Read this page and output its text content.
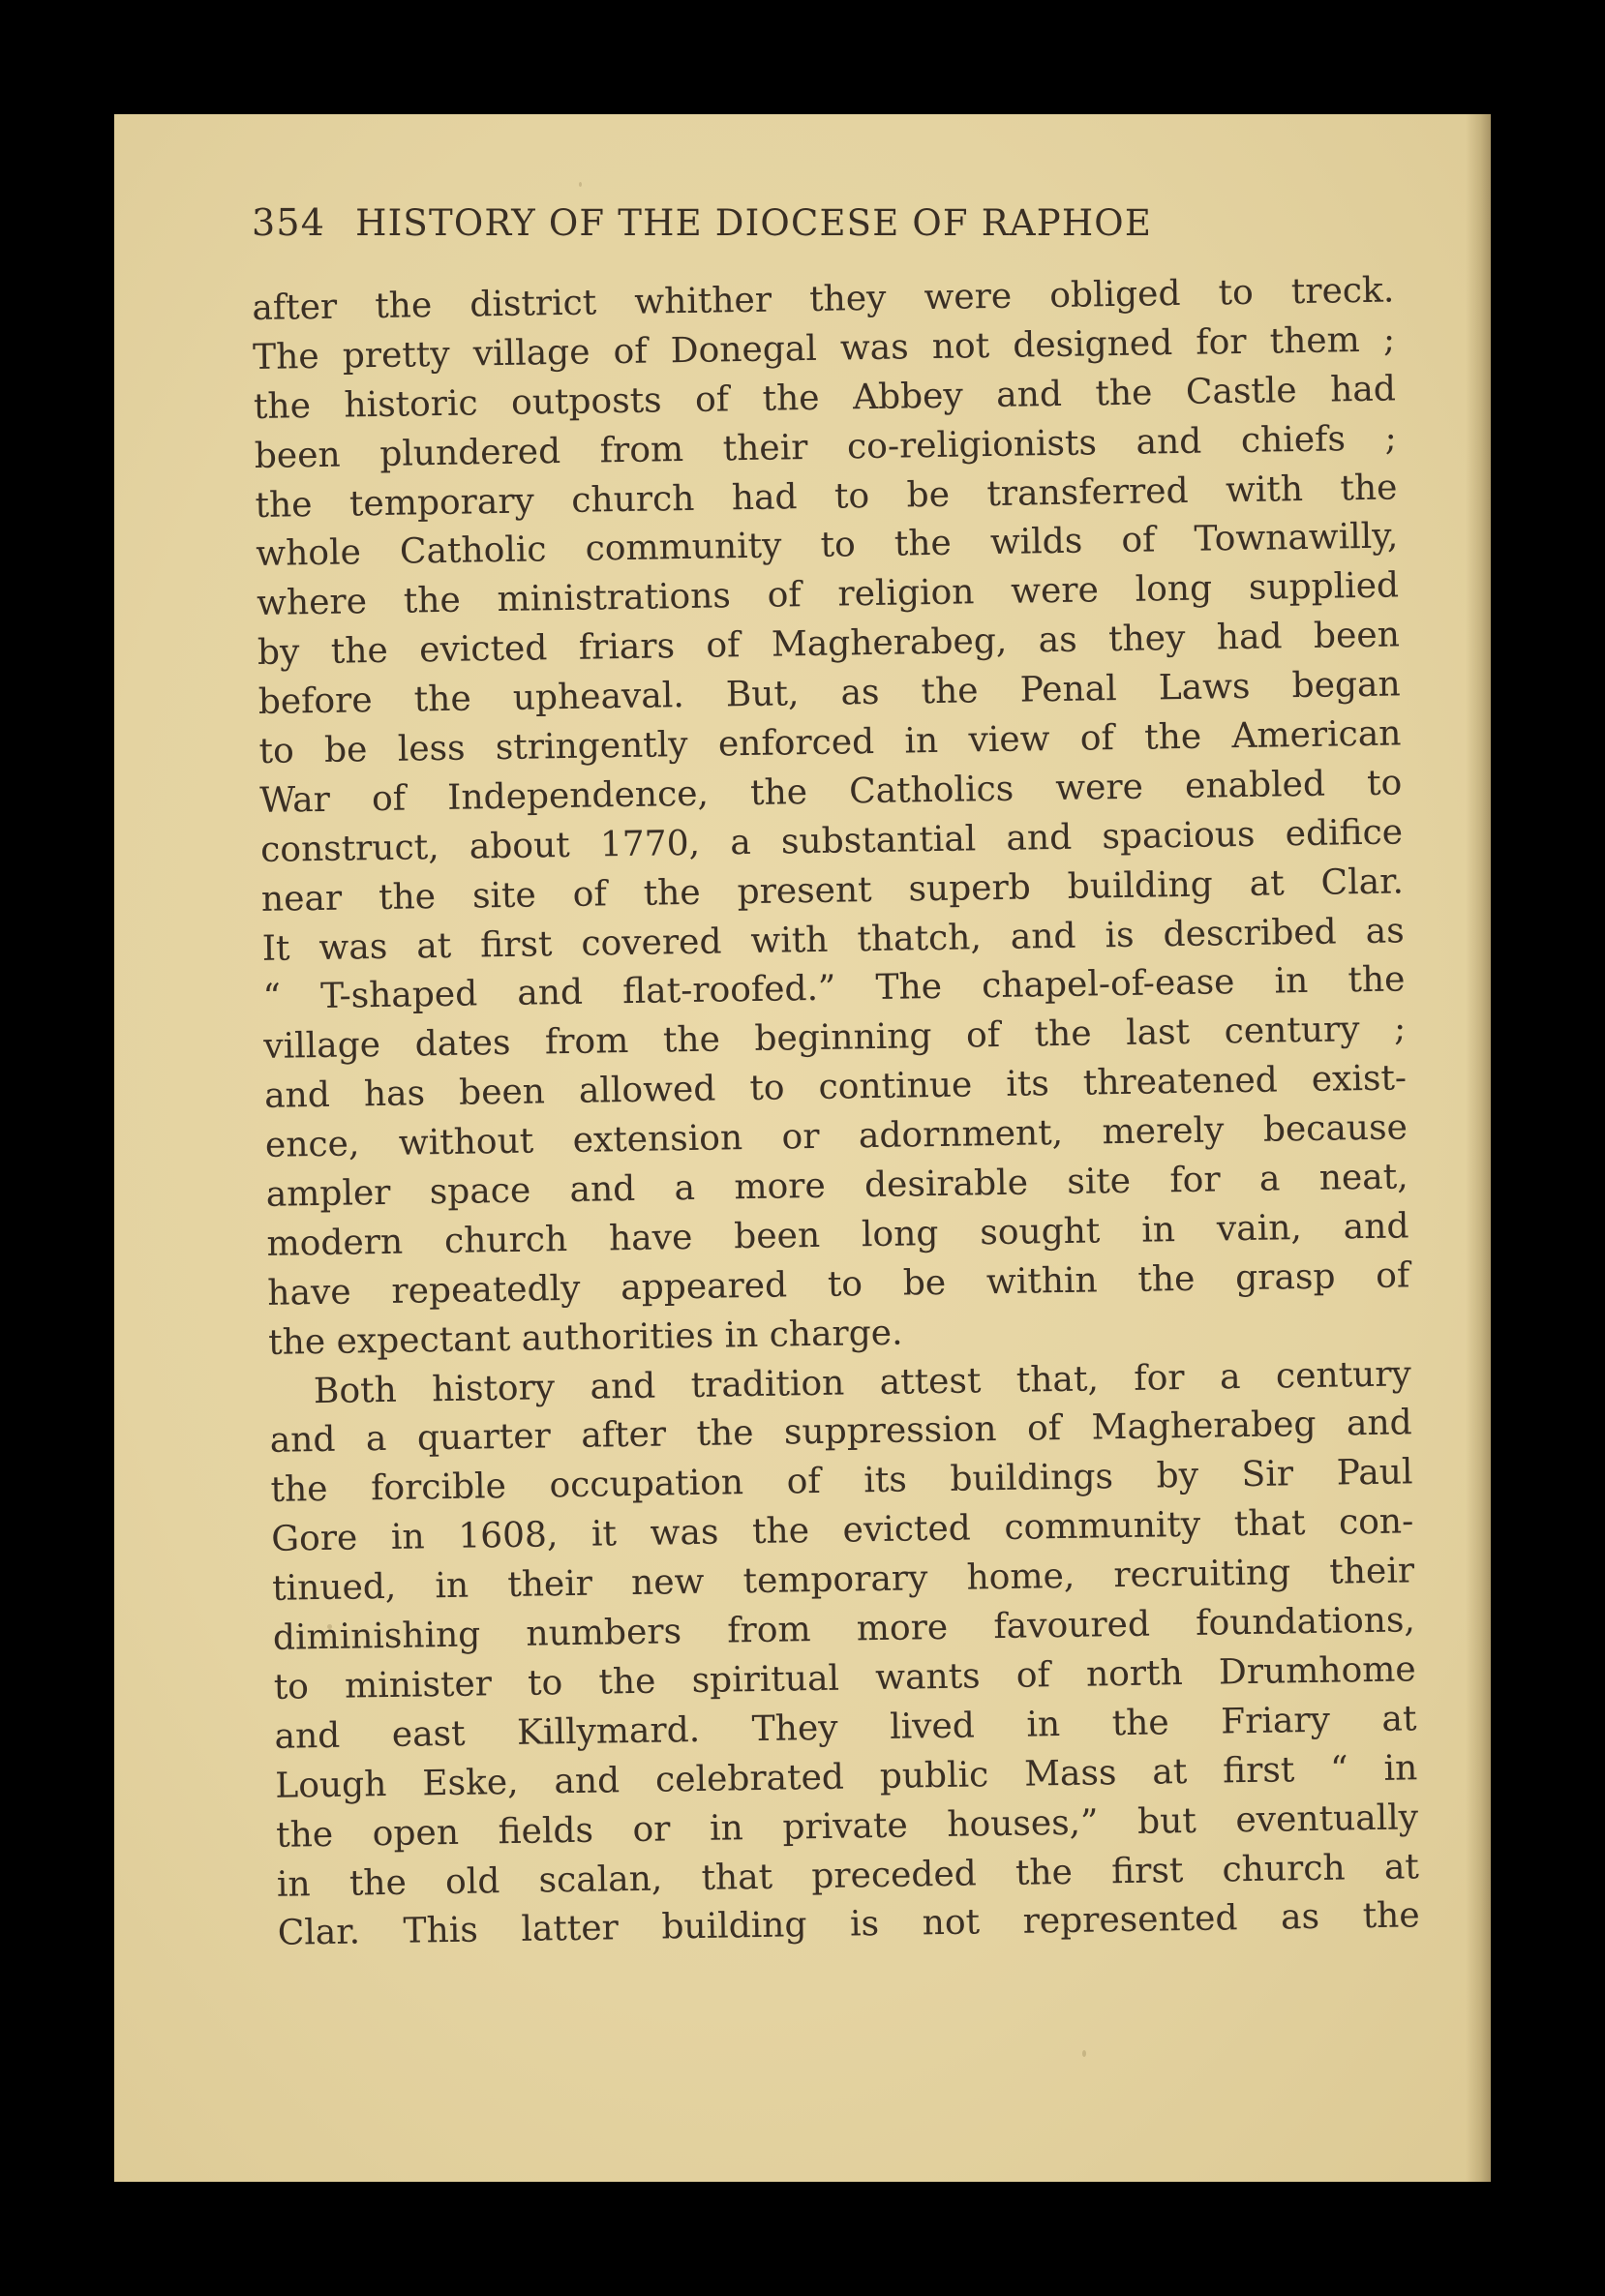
354 HISTORY OF THE DIOCESE OF RAPHOE
after the district whither they were obliged to treck.
The pretty village of Donegal was not designed for them ;
the historic outposts of the Abbey and the Castle had
been plundered from their co-religionists and chiefs ;
the temporary church had to be transferred with the
whole Catholic community to the wilds of Townawilly,
where the ministrations of religion were long supplied
by the evicted friars of Magherabeg, as they had been
before the upheaval. But, as the Penal Laws began
to be less stringently enforced in view of the American
War of Independence, the Catholics were enabled to
construct, about 1770, a substantial and spacious edifice
near the site of the present superb building at Clar.
It was at first covered with thatch, and is described as
“ T-shaped and flat-roofed.” The chapel-of-ease in the
village dates from the beginning of the last century ;
and has been allowed to continue its threatened exist-
ence, without extension or adornment, merely because
ampler space and a more desirable site for a neat,
modern church have been long sought in vain, and
have repeatedly appeared to be within the grasp of
the expectant authorities in charge.
Both history and tradition attest that, for a century
and a quarter after the suppression of Magherabeg and
the forcible occupation of its buildings by Sir Paul
Gore in 1608, it was the evicted community that con-
tinued, in their new temporary home, recruiting their
diminishing numbers from more favoured foundations,
to minister to the spiritual wants of north Drumhome
and east Killymard. They lived in the Friary at
Lough Eske, and celebrated public Mass at first “ in
the open fields or in private houses,” but eventually
in the old scalan, that preceded the first church at
Clar. This latter building is not represented as the
